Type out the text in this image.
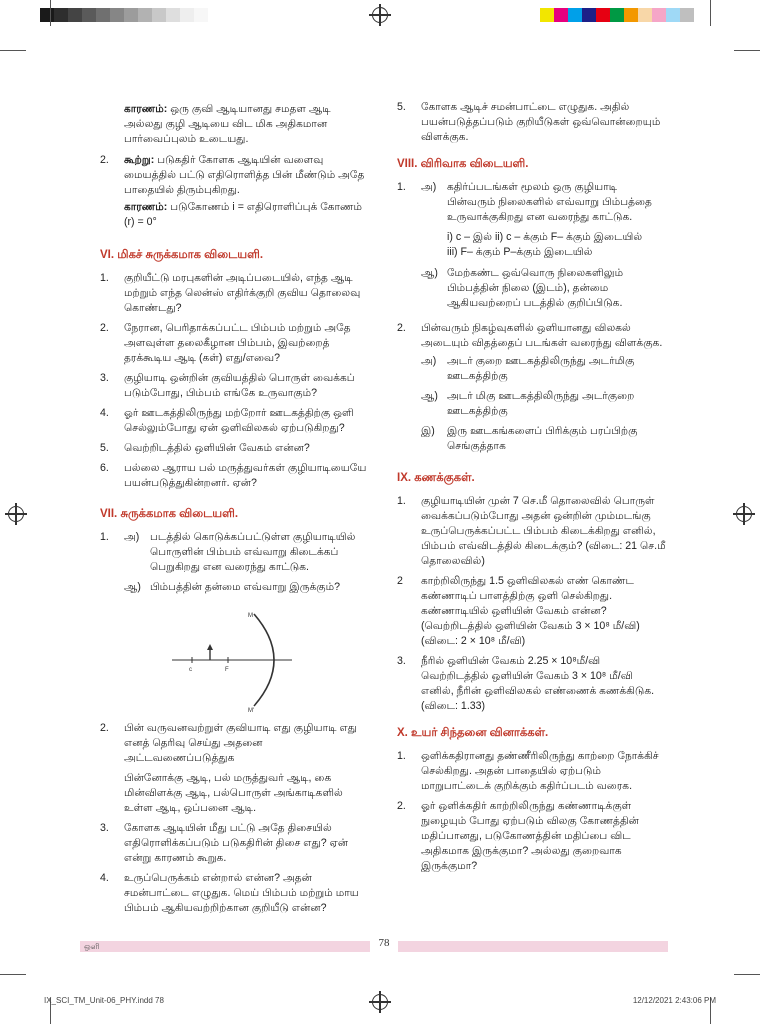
காரணம்: ஒரு குவி ஆடியானது சமதள ஆடி அல்லது குழி ஆடியை விட மிக அதிகமான பார்வைப்புலம் உடையது.

2.	கூற்று: படுகதிர் கோளக ஆடியின் வளைவு மையத்தில் பட்டு எதிரொளித்த பின் மீண்டும் அதே பாதையில் திரும்புகிறது.

காரணம்: படுகோணம் i = எதிரொளிப்புக் கோணம் (r) = 0°

VI. மிகச் சுருக்கமாக விடையளி.
1.	குறியீட்டு மரபுகளின் அடிப்படையில், எந்த ஆடி மற்றும் எந்த லென்ஸ் எதிர்க்குறி குவிய தொலைவு கொண்டது?
2.	நேரான, பெரிதாக்கப்பட்ட பிம்பம் மற்றும் அதே அளவுள்ள தலைகீழான பிம்பம், இவற்றைத் தரக்கூடிய ஆடி (கள்) எது/எவை?
3.	குழியாடி ஒன்றின் குவியத்தில் பொருள் வைக்கப் படும்போது, பிம்பம் எங்கே உருவாகும்?
4.	ஓர் ஊடகத்திலிருந்து மற்றோர் ஊடகத்திற்கு ஒளி செல்லும்போது ஏன் ஒளிவிலகல் ஏற்படுகிறது?
5.	வெற்றிடத்தில் ஒளியின் வேகம் என்ன?
6.	பல்லை ஆராய பல் மருத்துவர்கள் குழியாடியையே பயன்படுத்துகின்றனர். ஏன்?
VII. சுருக்கமாக விடையளி.
1.	அ)	படத்தில் கொடுக்கப்பட்டுள்ள குழியாடியில் பொருளின் பிம்பம் எவ்வாறு கிடைக்கப் பெறுகிறது என வரைந்து காட்டுக.
ஆ) பிம்பத்தின் தன்மை எவ்வாறு இருக்கும்?
c	F
M
M'
2.	பின் வருவனவற்றுள் குவியாடி எது குழியாடி எது எனத் தெரிவு செய்து அதனை அட்டவணைப்படுத்துக

பின்னோக்கு ஆடி, பல் மருத்துவர் ஆடி, கை மின்விளக்கு ஆடி, பல்பொருள் அங்காடிகளில் உள்ள ஆடி, ஒப்பனை ஆடி.

3.	கோளக ஆடியின் மீது பட்டு அதே திசையில் எதிரொளிக்கப்படும் படுகதிரின் திசை எது? ஏன் என்று காரணம் கூறுக.
4.	உருப்பெருக்கம் என்றால் என்ன? அதன் சமன்பாட்டை எழுதுக. மெய் பிம்பம் மற்றும் மாய பிம்பம் ஆகியவற்றிற்கான குறியீடு என்ன?
5.	கோளக ஆடிச் சமன்பாட்டை எழுதுக. அதில் பயன்படுத்தப்படும் குறியீடுகள் ஒவ்வொன்றையும் விளக்குக.
VIII. விரிவாக விடையளி.
1.	அ)	கதிர்ப்படங்கள் மூலம் ஒரு குழியாடி பின்வரும் நிலைகளில் எவ்வாறு பிம்பத்தை உருவாக்குகிறது என வரைந்து காட்டுக.

i) c – இல் ii) c – க்கும் F– க்கும் இடையில்

iii) F– க்கும் P–க்கும் இடையில்

ஆ) மேற்கண்ட ஒவ்வொரு நிலைகளிலும் பிம்பத்தின் நிலை (இடம்), தன்மை ஆகியவற்றைப் படத்தில் குறிப்பிடுக.
2.	பின்வரும் நிகழ்வுகளில் ஒளியானது விலகல் அடையும் விதத்தைப் படங்கள் வரைந்து விளக்குக.

அ)	அடர் குறை ஊடகத்திலிருந்து அடர்மிகு ஊடகத்திற்கு
ஆ) அடர் மிகு ஊடகத்திலிருந்து அடர்குறை ஊடகத்திற்கு
இ)	இரு ஊடகங்களைப் பிரிக்கும் பரப்பிற்கு செங்குத்தாக
IX. கணக்குகள்.
1.	குழியாடியின் முன் 7 செ.மீ தொலைவில் பொருள் வைக்கப்படும்போது அதன் ஒன்றின் மும்மடங்கு உருப்பெருக்கப்பட்ட பிம்பம் கிடைக்கிறது எனில், பிம்பம் எவ்விடத்தில் கிடைக்கும்? (விடை: 21 செ.மீ தொலைவில்)
2	காற்றிலிருந்து 1.5 ஒளிவிலகல் எண் கொண்ட கண்ணாடிப் பாளத்திற்கு ஒளி செல்கிறது. கண்ணாடியில் ஒளியின் வேகம் என்ன? (வெற்றிடத்தில் ஒளியின் வேகம் 3 × 10⁸ மீ/வி) (விடை: 2 × 10⁸ மீ/வி)
3.	நீரில் ஒளியின் வேகம் 2.25 × 10⁸மீ/வி வெற்றிடத்தில் ஒளியின் வேகம் 3 × 10⁸ மீ/வி எனில், நீரின் ஒளிவிலகல் எண்ணைக் கணக்கிடுக. (விடை: 1.33)
X. உயர் சிந்தனை வினாக்கள்.
1.	ஒளிக்கதிரானது தண்ணீரிலிருந்து காற்றை நோக்கிச் செல்கிறது. அதன் பாதையில் ஏற்படும் மாறுபாட்டைக் குறிக்கும் கதிர்ப்படம் வரைக.
2.	ஓர் ஒளிக்கதிர் காற்றிலிருந்து கண்ணாடிக்குள் நுழையும் போது ஏற்படும் விலகு கோணத்தின் மதிப்பானது, படுகோணத்தின் மதிப்பை விட அதிகமாக இருக்குமா? அல்லது குறைவாக இருக்குமா?
ஒளி	78
IX_SCI_TM_Unit-06_PHY.indd 78	12/12/2021 2:43:06 PM
